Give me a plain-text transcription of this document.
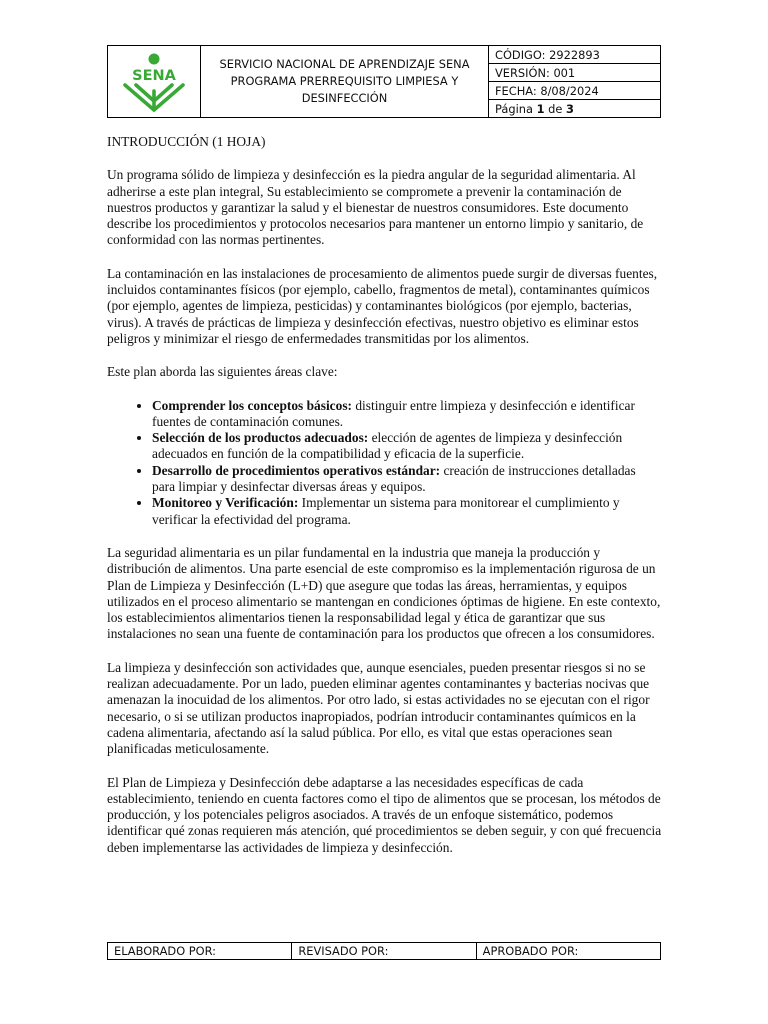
SENA

SERVICIO NACIONAL DE APRENDIZAJE SENA
PROGRAMA PRERREQUISITO LIMPIESA Y
DESINFECCIÓN
	CÓDIGO: 2922893
VERSIÓN: 001
FECHA: 8/08/2024
Página 1 de 3

INTRODUCCIÓN (1 HOJA)

Un programa sólido de limpieza y desinfección es la piedra angular de la seguridad alimentaria. Al adherirse a este plan integral, Su establecimiento se compromete a prevenir la contaminación de nuestros productos y garantizar la salud y el bienestar de nuestros consumidores. Este documento describe los procedimientos y protocolos necesarios para mantener un entorno limpio y sanitario, de conformidad con las normas pertinentes.

La contaminación en las instalaciones de procesamiento de alimentos puede surgir de diversas fuentes, incluidos contaminantes físicos (por ejemplo, cabello, fragmentos de metal), contaminantes químicos (por ejemplo, agentes de limpieza, pesticidas) y contaminantes biológicos (por ejemplo, bacterias, virus). A través de prácticas de limpieza y desinfección efectivas, nuestro objetivo es eliminar estos peligros y minimizar el riesgo de enfermedades transmitidas por los alimentos.

Este plan aborda las siguientes áreas clave:

• Comprender los conceptos básicos: distinguir entre limpieza y desinfección e identificar fuentes de contaminación comunes.
• Selección de los productos adecuados: elección de agentes de limpieza y desinfección adecuados en función de la compatibilidad y eficacia de la superficie.
• Desarrollo de procedimientos operativos estándar: creación de instrucciones detalladas para limpiar y desinfectar diversas áreas y equipos.
• Monitoreo y Verificación: Implementar un sistema para monitorear el cumplimiento y verificar la efectividad del programa.

La seguridad alimentaria es un pilar fundamental en la industria que maneja la producción y distribución de alimentos. Una parte esencial de este compromiso es la implementación rigurosa de un Plan de Limpieza y Desinfección (L+D) que asegure que todas las áreas, herramientas, y equipos utilizados en el proceso alimentario se mantengan en condiciones óptimas de higiene. En este contexto, los establecimientos alimentarios tienen la responsabilidad legal y ética de garantizar que sus instalaciones no sean una fuente de contaminación para los productos que ofrecen a los consumidores.

La limpieza y desinfección son actividades que, aunque esenciales, pueden presentar riesgos si no se realizan adecuadamente. Por un lado, pueden eliminar agentes contaminantes y bacterias nocivas que amenazan la inocuidad de los alimentos. Por otro lado, si estas actividades no se ejecutan con el rigor necesario, o si se utilizan productos inapropiados, podrían introducir contaminantes químicos en la cadena alimentaria, afectando así la salud pública. Por ello, es vital que estas operaciones sean planificadas meticulosamente.

El Plan de Limpieza y Desinfección debe adaptarse a las necesidades específicas de cada establecimiento, teniendo en cuenta factores como el tipo de alimentos que se procesan, los métodos de producción, y los potenciales peligros asociados. A través de un enfoque sistemático, podemos identificar qué zonas requieren más atención, qué procedimientos se deben seguir, y con qué frecuencia deben implementarse las actividades de limpieza y desinfección.

ELABORADO POR:	REVISADO POR:	APROBADO POR:
